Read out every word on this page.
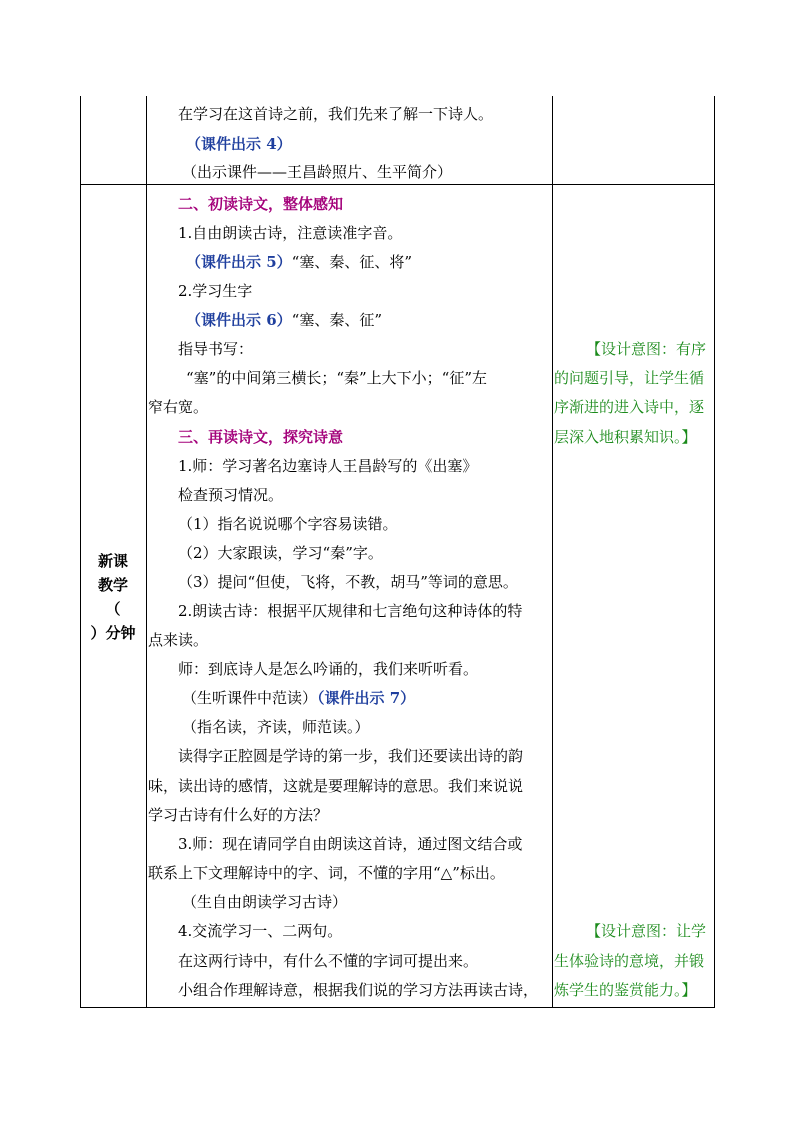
在学习在这首诗之前，我们先来了解一下诗人。
（课件出示 4）
（出示课件——王昌龄照片、生平简介）
新课
教学
（
）分钟
二、初读诗文，整体感知
1.自由朗读古诗，注意读准字音。
（课件出示 5）“塞、秦、征、将”
2.学习生字
（课件出示 6）“塞、秦、征”
指导书写：
“塞”的中间第三横长；“秦”上大下小；“征”左
窄右宽。
三、再读诗文，探究诗意
1.师：学习著名边塞诗人王昌龄写的《出塞》
检查预习情况。
（1）指名说说哪个字容易读错。
（2）大家跟读，学习“秦”字。
（3）提问“但使，飞将，不教，胡马”等词的意思。
2.朗读古诗：根据平仄规律和七言绝句这种诗体的特
点来读。
师：到底诗人是怎么吟诵的，我们来听听看。
（生听课件中范读）（课件出示 7）
（指名读，齐读，师范读。）
读得字正腔圆是学诗的第一步，我们还要读出诗的韵
味，读出诗的感情，这就是要理解诗的意思。我们来说说
学习古诗有什么好的方法？
3.师：现在请同学自由朗读这首诗，通过图文结合或
联系上下文理解诗中的字、词，不懂的字用“△”标出。
（生自由朗读学习古诗）
4.交流学习一、二两句。
在这两行诗中，有什么不懂的字词可提出来。
小组合作理解诗意，根据我们说的学习方法再读古诗，
【设计意图：有序
的问题引导，让学生循
序渐进的进入诗中，逐
层深入地积累知识。】
【设计意图：让学
生体验诗的意境，并锻
炼学生的鉴赏能力。】
